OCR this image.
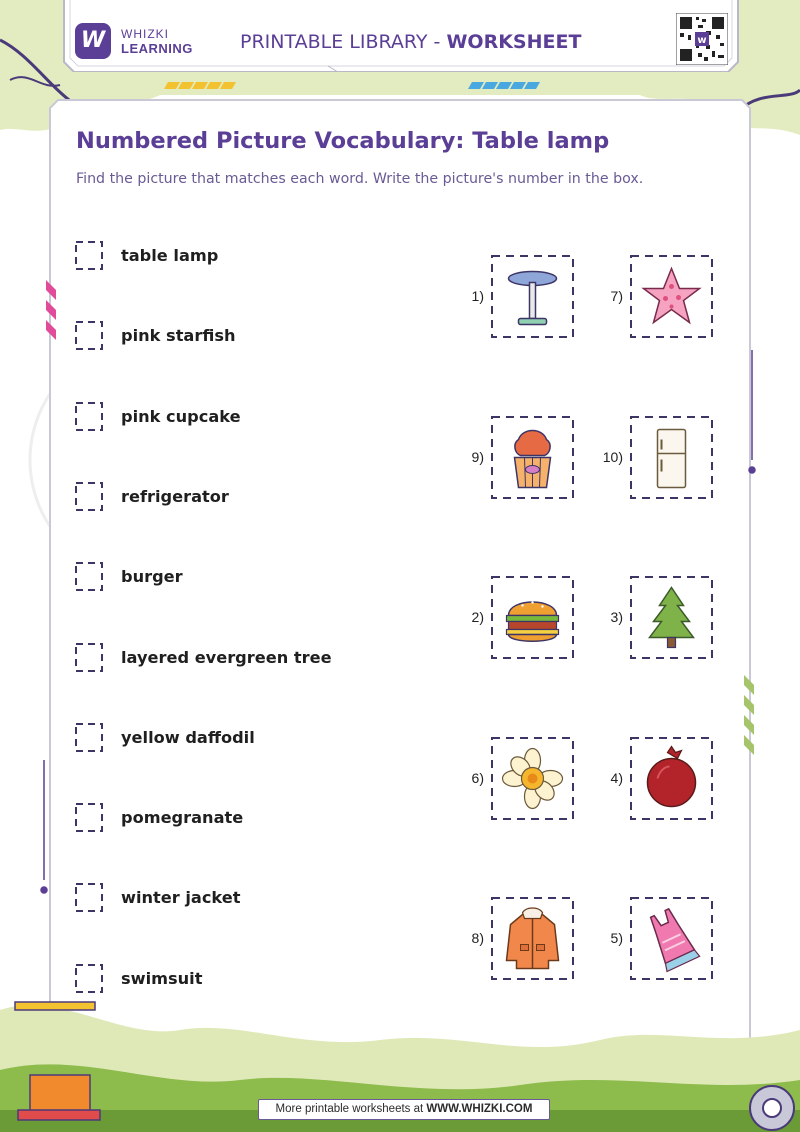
W	WHIZKI
LEARNING PRINTABLE LIBRARY - WORKSHEET	w
Numbered Picture Vocabulary: Table lamp
Find the picture that matches each word. Write the picture's number in the box.
table lamp
pink starfish
pink cupcake
refrigerator
burger
layered evergreen tree
yellow daffodil
pomegranate
winter jacket
swimsuit
1)	7)
9)	10)
2)	3)
6)	4)
8)	5)
More printable worksheets at WWW.WHIZKI.COM
